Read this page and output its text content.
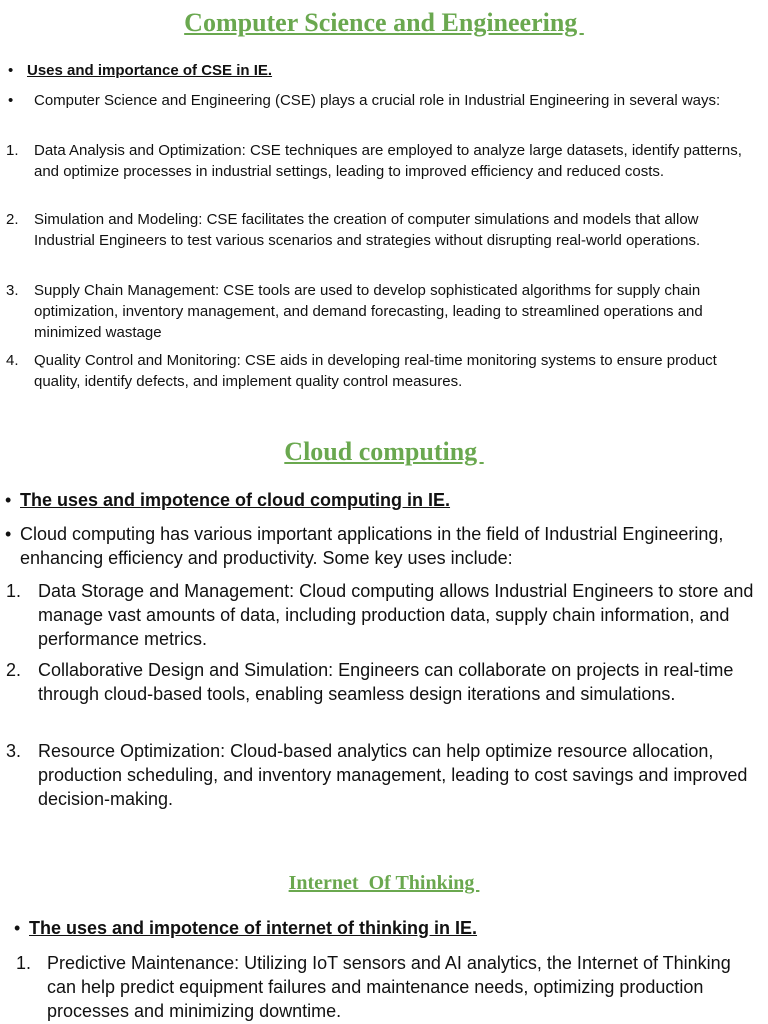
Computer Science and Engineering
• Uses and importance of CSE in IE.
• Computer Science and Engineering (CSE) plays a crucial role in Industrial Engineering in several ways:
1. Data Analysis and Optimization: CSE techniques are employed to analyze large datasets, identify patterns, and optimize processes in industrial settings, leading to improved efficiency and reduced costs.
2. Simulation and Modeling: CSE facilitates the creation of computer simulations and models that allow Industrial Engineers to test various scenarios and strategies without disrupting real-world operations.
3. Supply Chain Management: CSE tools are used to develop sophisticated algorithms for supply chain optimization, inventory management, and demand forecasting, leading to streamlined operations and minimized wastage
4. Quality Control and Monitoring: CSE aids in developing real-time monitoring systems to ensure product quality, identify defects, and implement quality control measures.
Cloud computing
• The uses and impotence of cloud computing in IE.
• Cloud computing has various important applications in the field of Industrial Engineering, enhancing efficiency and productivity. Some key uses include:
1. Data Storage and Management: Cloud computing allows Industrial Engineers to store and manage vast amounts of data, including production data, supply chain information, and performance metrics.
2. Collaborative Design and Simulation: Engineers can collaborate on projects in real-time through cloud-based tools, enabling seamless design iterations and simulations.
3. Resource Optimization: Cloud-based analytics can help optimize resource allocation, production scheduling, and inventory management, leading to cost savings and improved decision-making.
Internet  Of Thinking
• The uses and impotence of internet of thinking in IE.
1. Predictive Maintenance: Utilizing IoT sensors and AI analytics, the Internet of Thinking can help predict equipment failures and maintenance needs, optimizing production processes and minimizing downtime.
